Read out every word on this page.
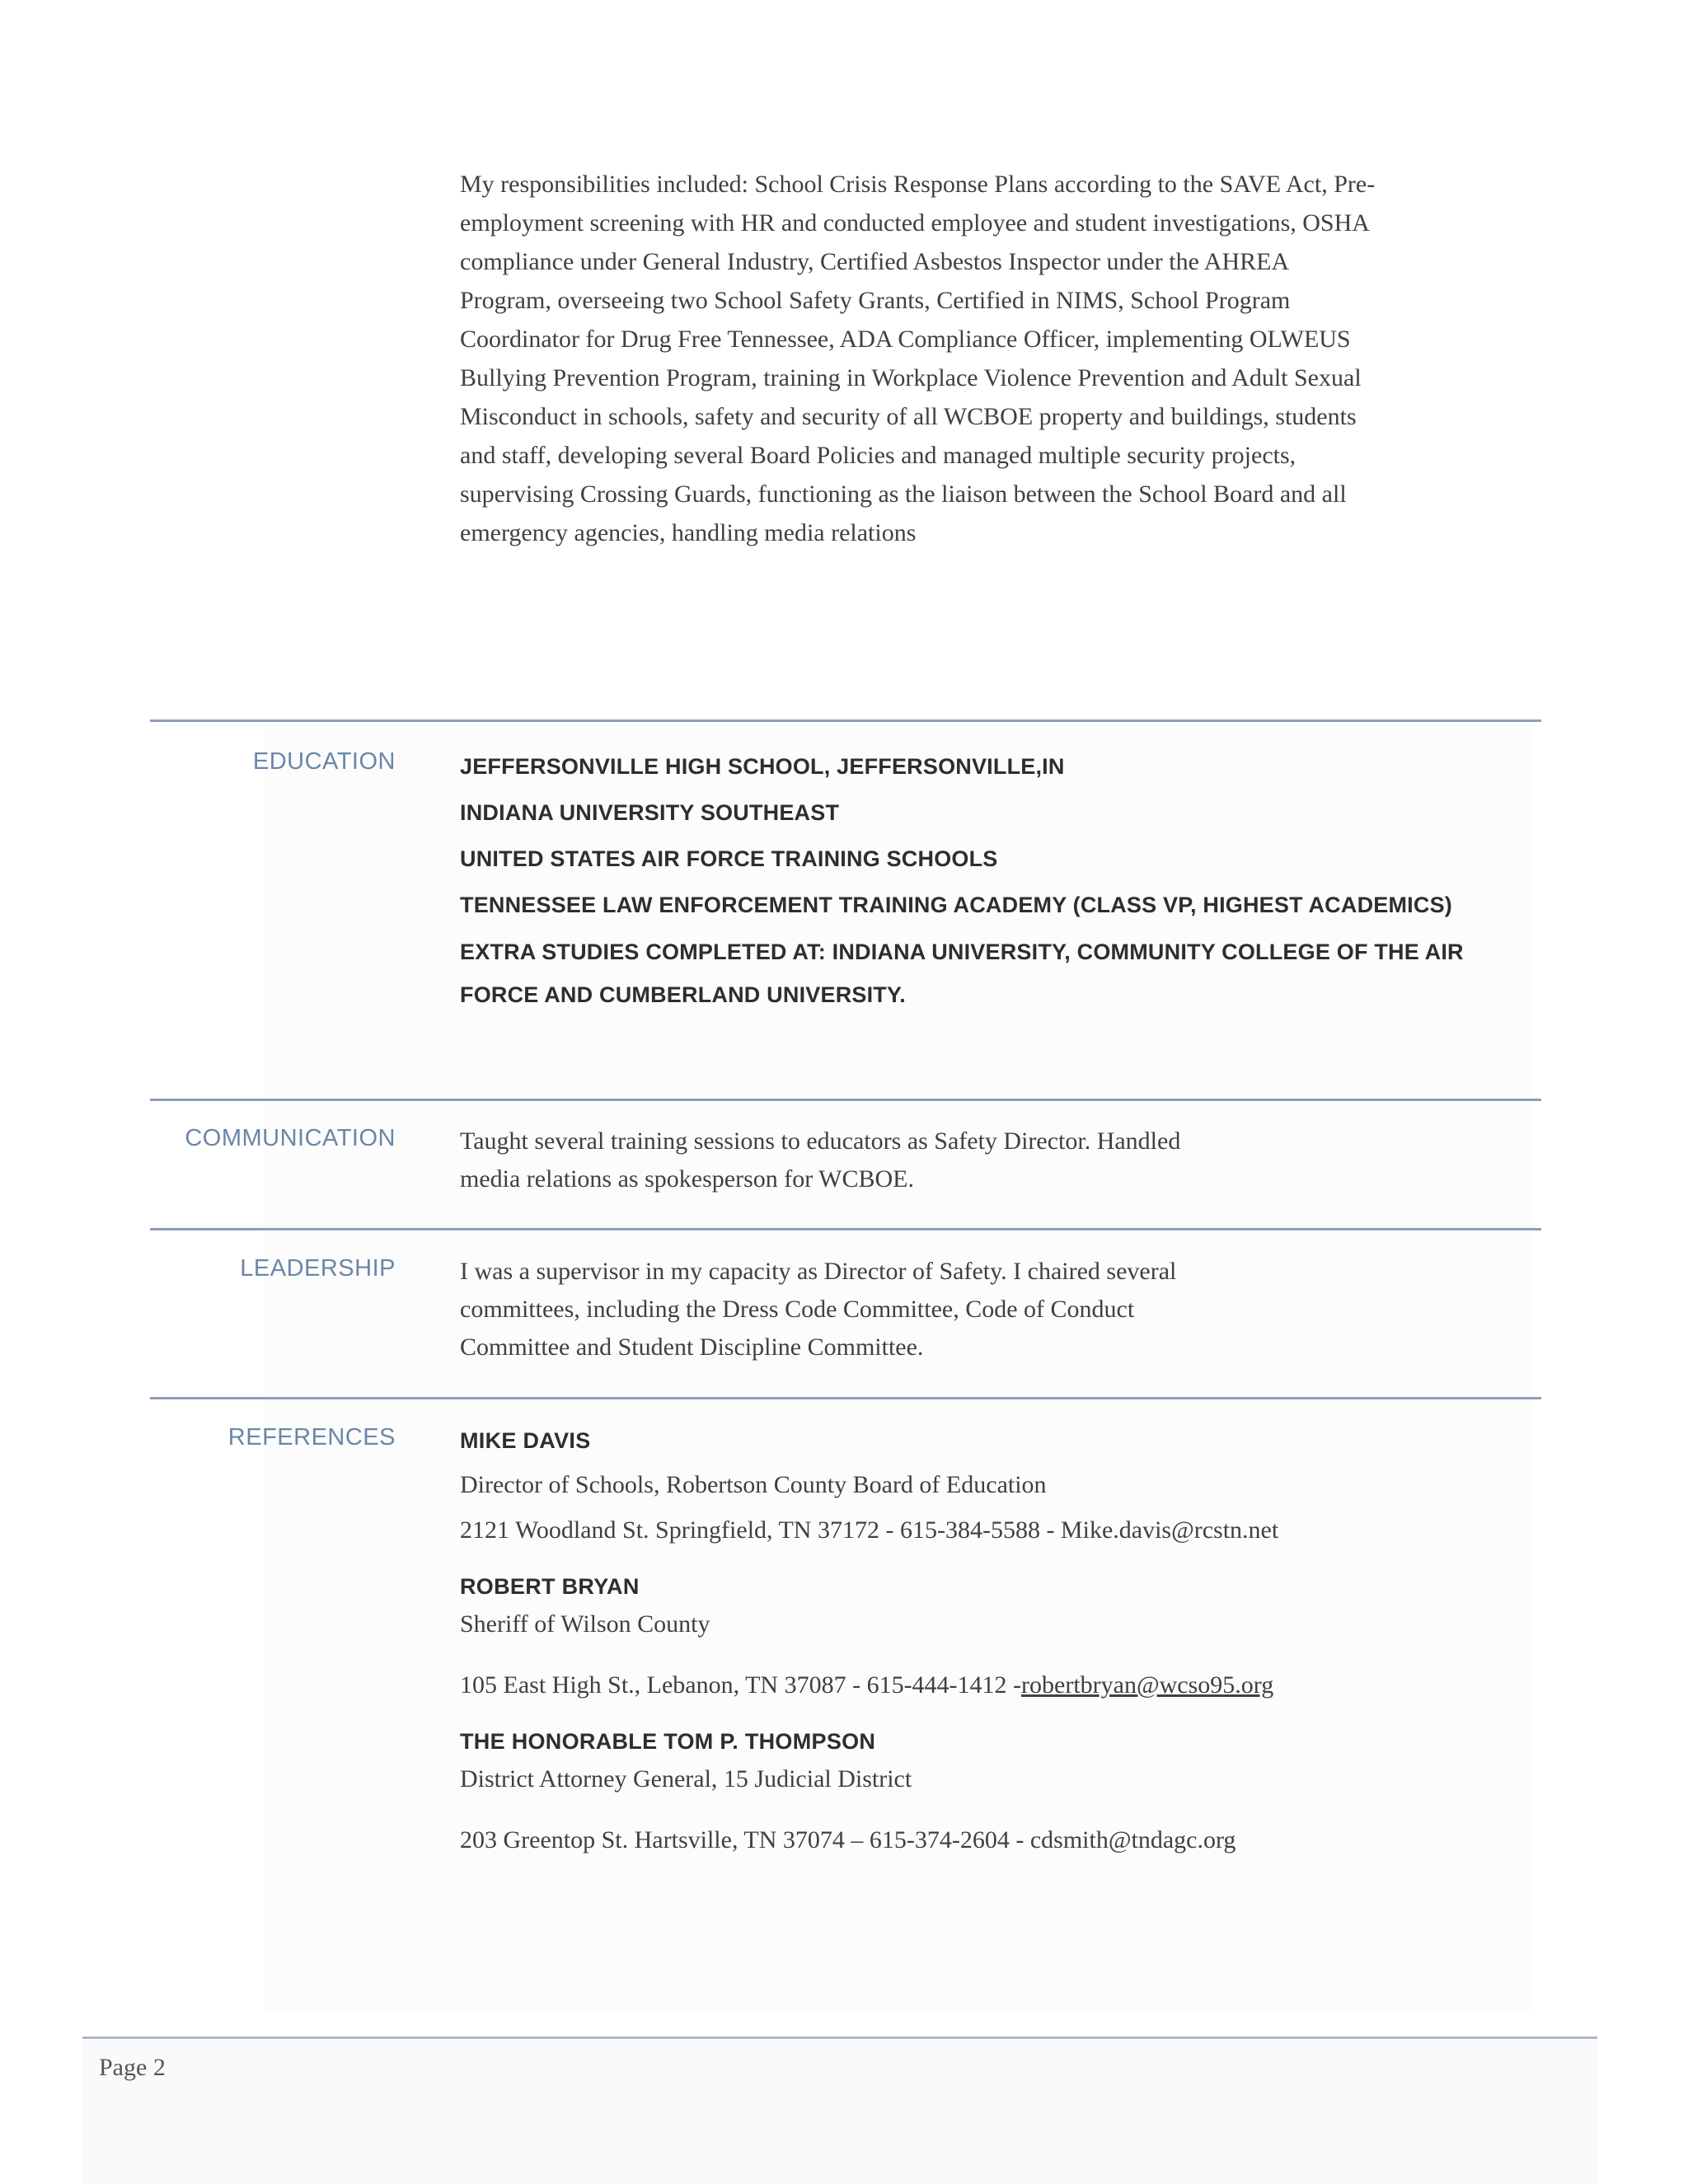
My responsibilities included: School Crisis Response Plans according to the SAVE Act, Pre-
employment screening with HR and conducted employee and student investigations, OSHA
compliance under General Industry, Certified Asbestos Inspector under the AHREA
Program, overseeing two School Safety Grants, Certified in NIMS, School Program
Coordinator for Drug Free Tennessee, ADA Compliance Officer, implementing OLWEUS
Bullying Prevention Program, training in Workplace Violence Prevention and Adult Sexual
Misconduct in schools, safety and security of all WCBOE property and buildings, students
and staff, developing several Board Policies and managed multiple security projects,
supervising Crossing Guards, functioning as the liaison between the School Board and all
emergency agencies, handling media relations
EDUCATION	JEFFERSONVILLE HIGH SCHOOL, JEFFERSONVILLE,IN
INDIANA UNIVERSITY SOUTHEAST
UNITED STATES AIR FORCE TRAINING SCHOOLS
TENNESSEE LAW ENFORCEMENT TRAINING ACADEMY (CLASS VP, HIGHEST ACADEMICS)
EXTRA STUDIES COMPLETED AT: INDIANA UNIVERSITY, COMMUNITY COLLEGE OF THE AIR
FORCE AND CUMBERLAND UNIVERSITY.
COMMUNICATION	Taught several training sessions to educators as Safety Director. Handled
media relations as spokesperson for WCBOE.
LEADERSHIP	I was a supervisor in my capacity as Director of Safety. I chaired several
committees, including the Dress Code Committee, Code of Conduct
Committee and Student Discipline Committee.
REFERENCES	MIKE DAVIS
Director of Schools, Robertson County Board of Education
2121 Woodland St. Springfield, TN 37172 - 615-384-5588 - Mike.davis@rcstn.net
ROBERT BRYAN
Sheriff of Wilson County
105 East High St., Lebanon, TN 37087 - 615-444-1412 -robertbryan@wcso95.org
THE HONORABLE TOM P. THOMPSON
District Attorney General, 15 Judicial District
203 Greentop St. Hartsville, TN 37074 – 615-374-2604 - cdsmith@tndagc.org
Page 2
